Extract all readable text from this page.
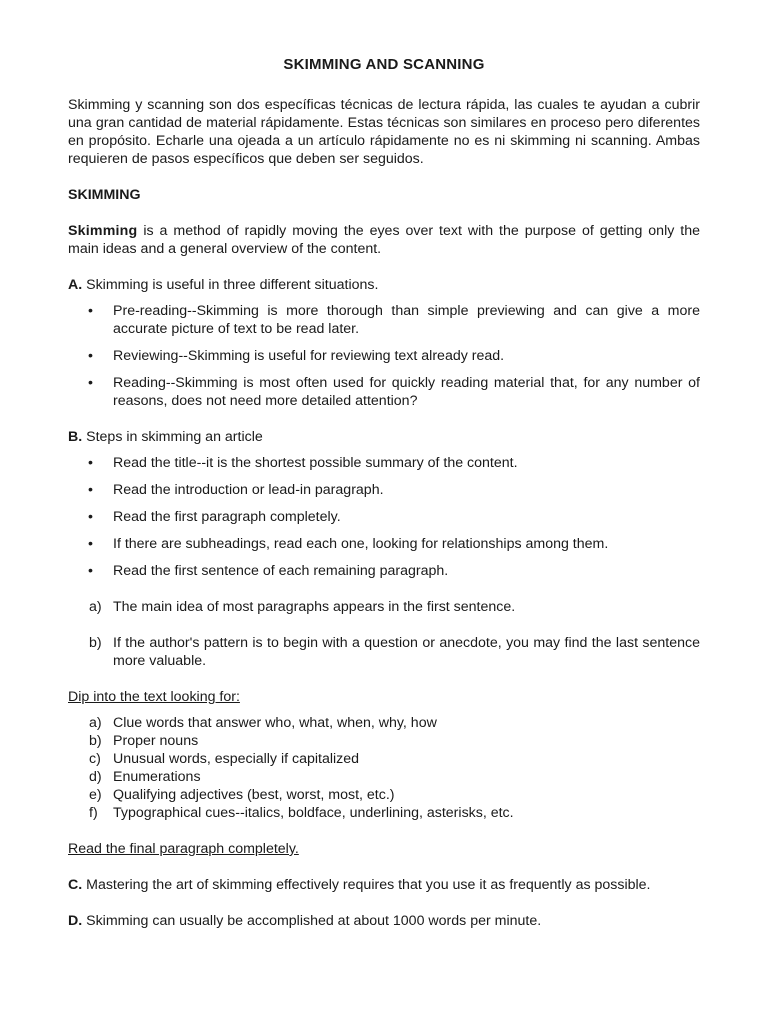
SKIMMING AND SCANNING

Skimming y scanning son dos específicas técnicas de lectura rápida, las cuales te ayudan a cubrir una gran cantidad de material rápidamente. Estas técnicas son similares en proceso pero diferentes en propósito. Echarle una ojeada a un artículo rápidamente no es ni skimming ni scanning. Ambas requieren de pasos específicos que deben ser seguidos.

SKIMMING

Skimming is a method of rapidly moving the eyes over text with the purpose of getting only the main ideas and a general overview of the content.

A. Skimming is useful in three different situations.

• Pre-reading--Skimming is more thorough than simple previewing and can give a more accurate picture of text to be read later.
• Reviewing--Skimming is useful for reviewing text already read.
• Reading--Skimming is most often used for quickly reading material that, for any number of reasons, does not need more detailed attention?

B. Steps in skimming an article

• Read the title--it is the shortest possible summary of the content.
• Read the introduction or lead-in paragraph.
• Read the first paragraph completely.
• If there are subheadings, read each one, looking for relationships among them.
• Read the first sentence of each remaining paragraph.

a) The main idea of most paragraphs appears in the first sentence.

b) If the author's pattern is to begin with a question or anecdote, you may find the last sentence more valuable.

Dip into the text looking for:

a) Clue words that answer who, what, when, why, how

b) Proper nouns

c) Unusual words, especially if capitalized

d) Enumerations

e) Qualifying adjectives (best, worst, most, etc.)

f) Typographical cues--italics, boldface, underlining, asterisks, etc.

Read the final paragraph completely.

C. Mastering the art of skimming effectively requires that you use it as frequently as possible.

D. Skimming can usually be accomplished at about 1000 words per minute.
